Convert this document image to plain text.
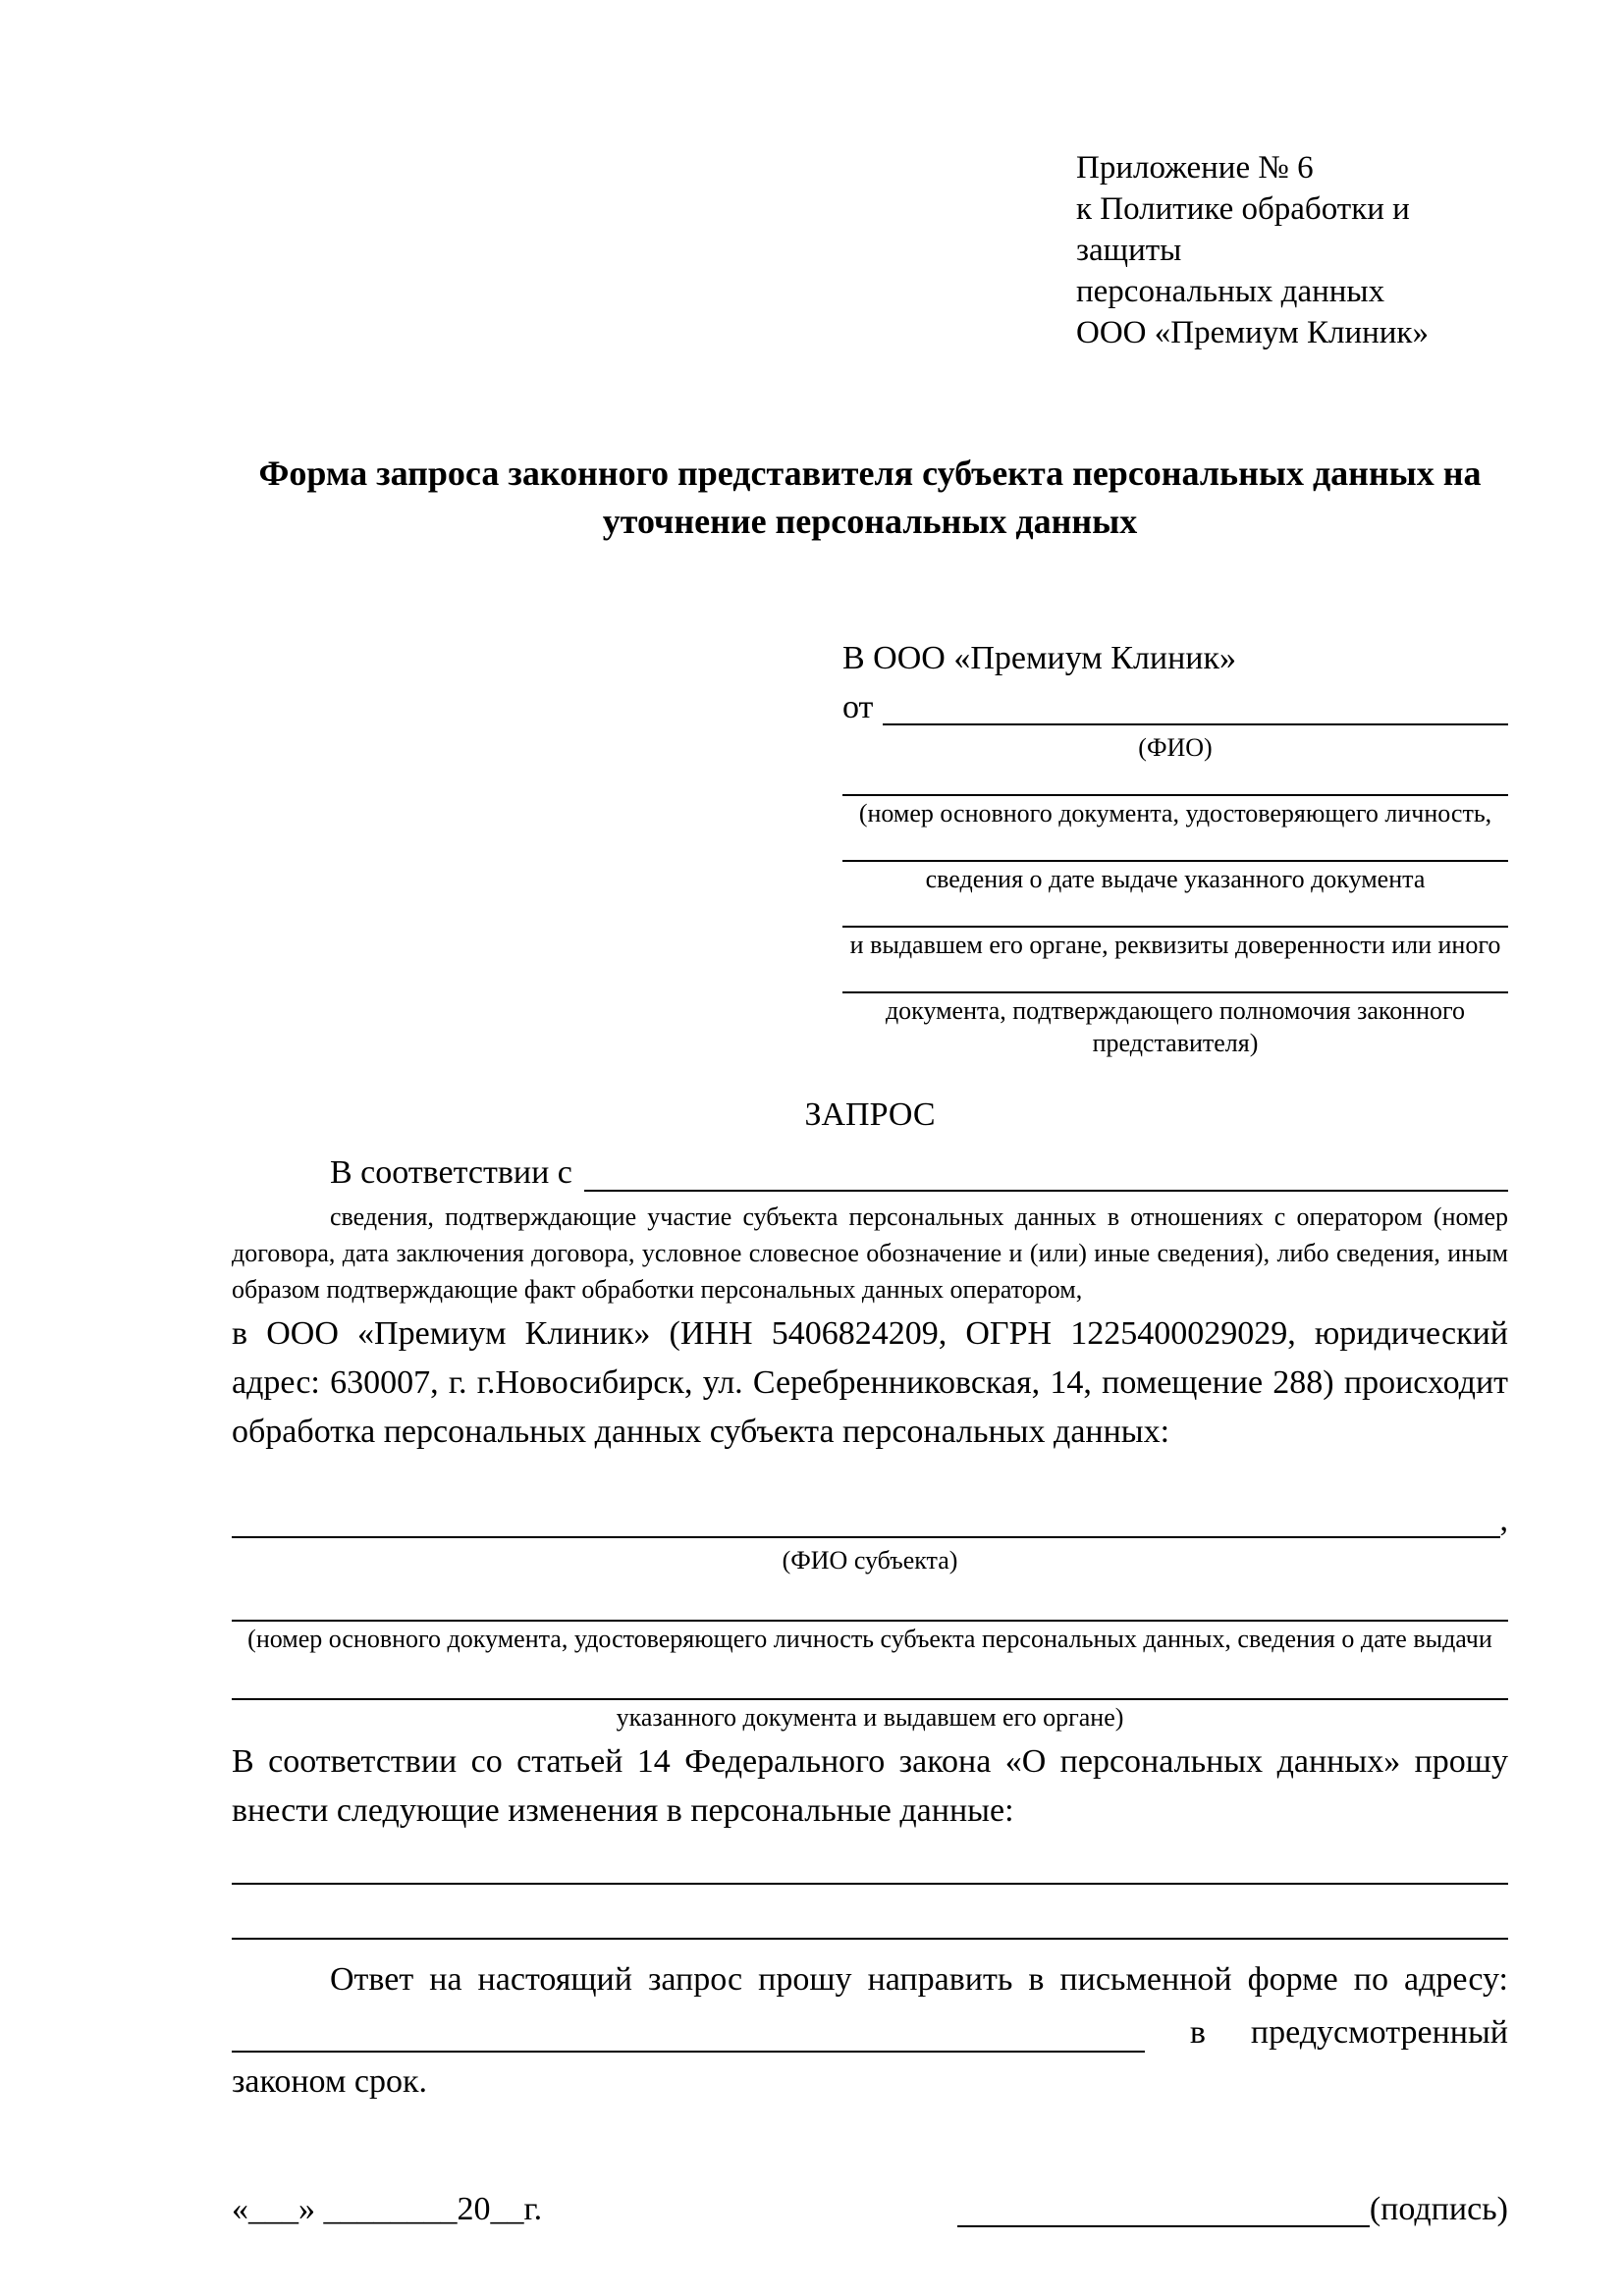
Приложение № 6
к Политике обработки и защиты
персональных данных
ООО «Премиум Клиник»
Форма запроса законного представителя субъекта персональных данных на уточнение персональных данных
В ООО «Премиум Клиник»
от
(ФИО)
(номер основного документа, удостоверяющего личность,
сведения о дате выдаче указанного документа
и выдавшем его органе, реквизиты доверенности или иного
документа, подтверждающего полномочия законного представителя)
ЗАПРОС
В соответствии с

сведения, подтверждающие участие субъекта персональных данных в отношениях с оператором (номер договора, дата заключения договора, условное словесное обозначение и (или) иные сведения), либо сведения, иным образом подтверждающие факт обработки персональных данных оператором,

в ООО «Премиум Клиник» (ИНН 5406824209, ОГРН 1225400029029, юридический адрес: 630007, г. г.Новосибирск, ул. Серебренниковская, 14, помещение 288) происходит обработка персональных данных субъекта персональных данных:

,
(ФИО субъекта)
(номер основного документа, удостоверяющего личность субъекта персональных данных, сведения о дате выдачи
указанного документа и выдавшем его органе)

В соответствии со статьей 14 Федерального закона «О персональных данных» прошу внести следующие изменения в персональные данные:

Ответ на настоящий запрос прошу направить в письменной форме по адресу:
в предусмотренный
законом срок.
«___» ________20__г.	(подпись)
